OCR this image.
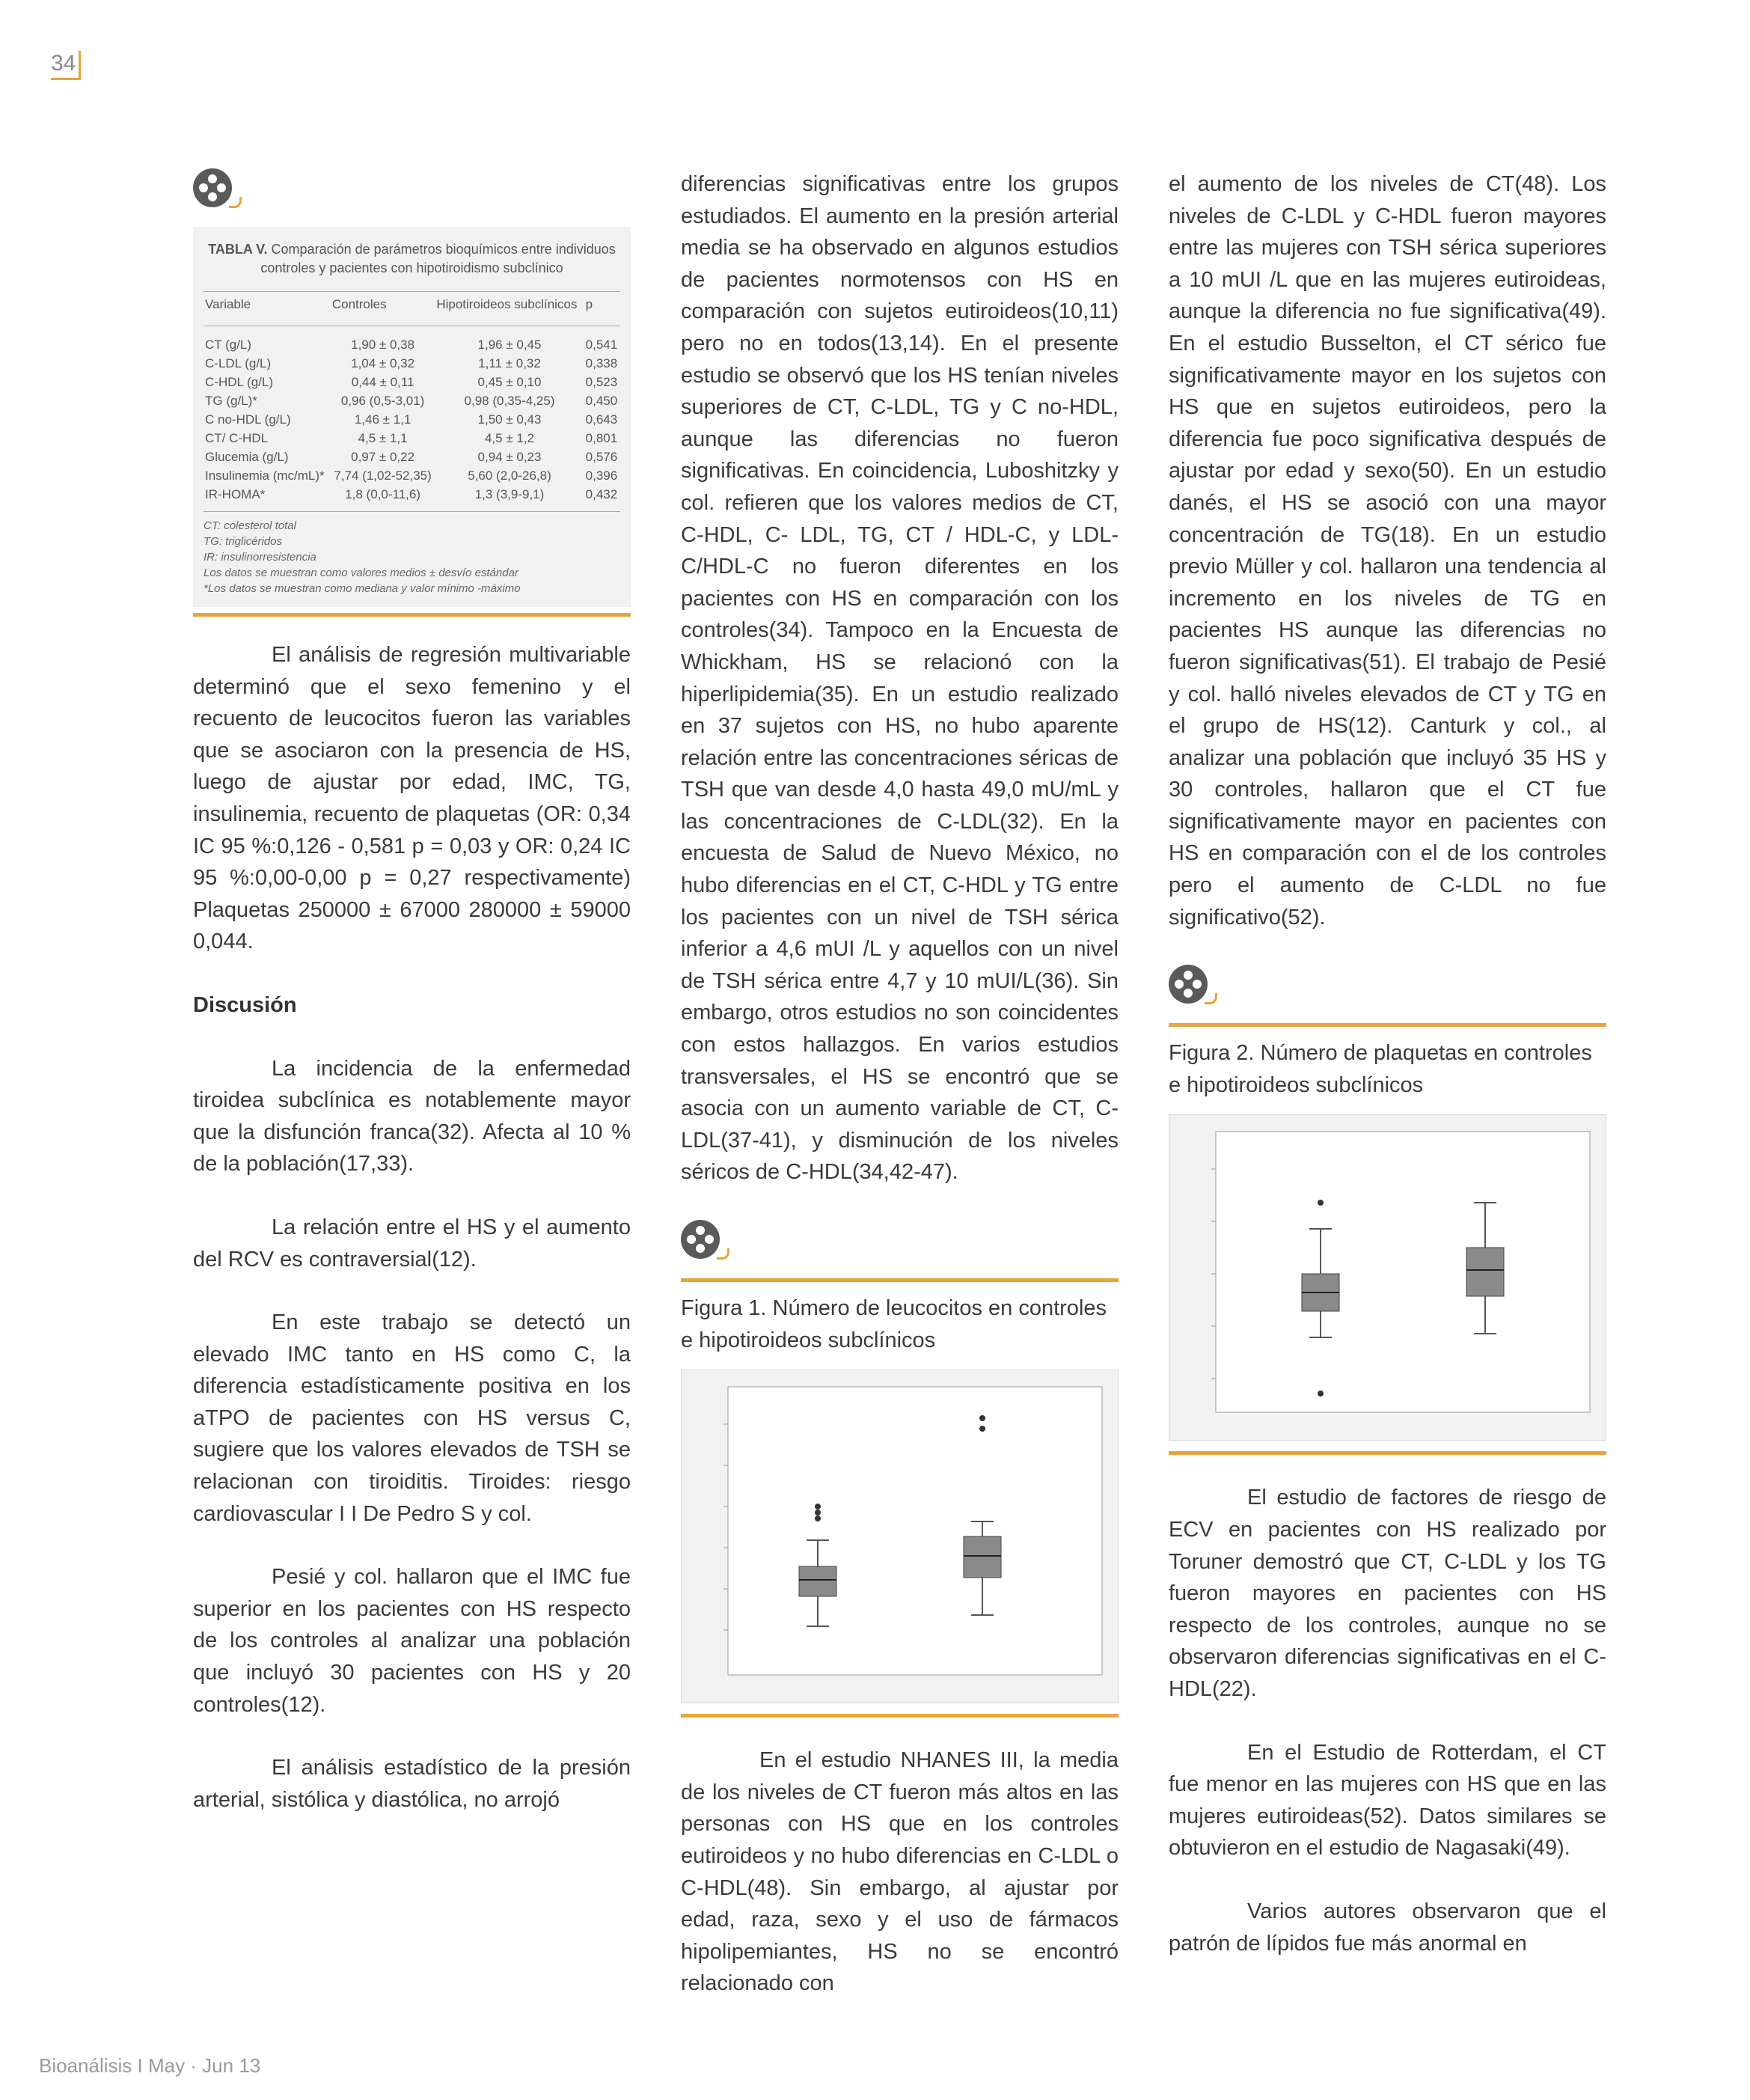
34
TABLA V. Comparación de parámetros bioquímicos entre individuos controles y pacientes con hipotiroidismo subclínico
Variable	Controles	Hipotiroideos subclínicos	p
CT (g/L)	1,90 ± 0,38	1,96 ± 0,45	0,541
C-LDL (g/L)	1,04 ± 0,32	1,11 ± 0,32	0,338
C-HDL (g/L)	0,44 ± 0,11	0,45 ± 0,10	0,523
TG (g/L)*	0,96 (0,5-3,01)	0,98 (0,35-4,25)	0,450
C no-HDL (g/L)	1,46 ± 1,1	1,50 ± 0,43	0,643
CT/ C-HDL	4,5 ± 1,1	4,5 ± 1,2	0,801
Glucemia (g/L)	0,97 ± 0,22	0,94 ± 0,23	0,576
Insulinemia (mc/mL)*	7,74 (1,02-52,35)	5,60 (2,0-26,8)	0,396
IR-HOMA*	1,8 (0,0-11,6)	1,3 (3,9-9,1)	0,432
CT: colesterol total
TG: triglicéridos
IR: insulinorresistencia
Los datos se muestran como valores medios ± desvío estándar
*Los datos se muestran como mediana y valor mínimo -máximo

El análisis de regresión multivariable determinó que el sexo femenino y el recuento de leucocitos fueron las variables que se asociaron con la presencia de HS, luego de ajustar por edad, IMC, TG, insulinemia, recuento de plaquetas (OR: 0,34 IC 95 %:0,126 - 0,581 p = 0,03 y OR: 0,24 IC 95 %:0,00-0,00 p = 0,27 respectivamente) Plaquetas 250000 ± 67000 280000 ± 59000 0,044.

Discusión

La incidencia de la enfermedad tiroidea subclínica es notablemente mayor que la disfunción franca(32). Afecta al 10 % de la población(17,33).

La relación entre el HS y el aumento del RCV es contraversial(12).

En este trabajo se detectó un elevado IMC tanto en HS como C, la diferencia estadísticamente positiva en los aTPO de pacientes con HS versus C, sugiere que los valores elevados de TSH se relacionan con tiroiditis. Tiroides: riesgo cardiovascular I I De Pedro S y col.

Pesié y col. hallaron que el IMC fue superior en los pacientes con HS respecto de los controles al analizar una población que incluyó 30 pacientes con HS y 20 controles(12).

El análisis estadístico de la presión arterial, sistólica y diastólica, no arrojó

diferencias significativas entre los grupos estudiados. El aumento en la presión arterial media se ha observado en algunos estudios de pacientes normotensos con HS en comparación con sujetos eutiroideos(10,11) pero no en todos(13,14). En el presente estudio se observó que los HS tenían niveles superiores de CT, C-LDL, TG y C no-HDL, aunque las diferencias no fueron significativas. En coincidencia, Luboshitzky y col. refieren que los valores medios de CT, C-HDL, C- LDL, TG, CT / HDL-C, y LDL-C/HDL-C no fueron diferentes en los pacientes con HS en comparación con los controles(34). Tampoco en la Encuesta de Whickham, HS se relacionó con la hiperlipidemia(35). En un estudio realizado en 37 sujetos con HS, no hubo aparente relación entre las concentraciones séricas de TSH que van desde 4,0 hasta 49,0 mU/mL y las concentraciones de C-LDL(32). En la encuesta de Salud de Nuevo México, no hubo diferencias en el CT, C-HDL y TG entre los pacientes con un nivel de TSH sérica inferior a 4,6 mUI /L y aquellos con un nivel de TSH sérica entre 4,7 y 10 mUI/L(36). Sin embargo, otros estudios no son coincidentes con estos hallazgos. En varios estudios transversales, el HS se encontró que se asocia con un aumento variable de CT, C-LDL(37-41), y disminución de los niveles séricos de C-HDL(34,42-47).

Figura 1. Número de leucocitos en controles e hipotiroideos subclínicos

En el estudio NHANES III, la media de los niveles de CT fueron más altos en las personas con HS que en los controles eutiroideos y no hubo diferencias en C-LDL o C-HDL(48). Sin embargo, al ajustar por edad, raza, sexo y el uso de fármacos hipolipemiantes, HS no se encontró relacionado con

el aumento de los niveles de CT(48). Los niveles de C-LDL y C-HDL fueron mayores entre las mujeres con TSH sérica superiores a 10 mUI /L que en las mujeres eutiroideas, aunque la diferencia no fue significativa(49). En el estudio Busselton, el CT sérico fue significativamente mayor en los sujetos con HS que en sujetos eutiroideos, pero la diferencia fue poco significativa después de ajustar por edad y sexo(50). En un estudio danés, el HS se asoció con una mayor concentración de TG(18). En un estudio previo Müller y col. hallaron una tendencia al incremento en los niveles de TG en pacientes HS aunque las diferencias no fueron significativas(51). El trabajo de Pesié y col. halló niveles elevados de CT y TG en el grupo de HS(12). Canturk y col., al analizar una población que incluyó 35 HS y 30 controles, hallaron que el CT fue significativamente mayor en pacientes con HS en comparación con el de los controles pero el aumento de C-LDL no fue significativo(52).

Figura 2. Número de plaquetas en controles e hipotiroideos subclínicos

El estudio de factores de riesgo de ECV en pacientes con HS realizado por Toruner demostró que CT, C-LDL y los TG fueron mayores en pacientes con HS respecto de los controles, aunque no se observaron diferencias significativas en el C-HDL(22).

En el Estudio de Rotterdam, el CT fue menor en las mujeres con HS que en las mujeres eutiroideas(52). Datos similares se obtuvieron en el estudio de Nagasaki(49).

Varios autores observaron que el patrón de lípidos fue más anormal en

Bioanálisis I May · Jun 13
